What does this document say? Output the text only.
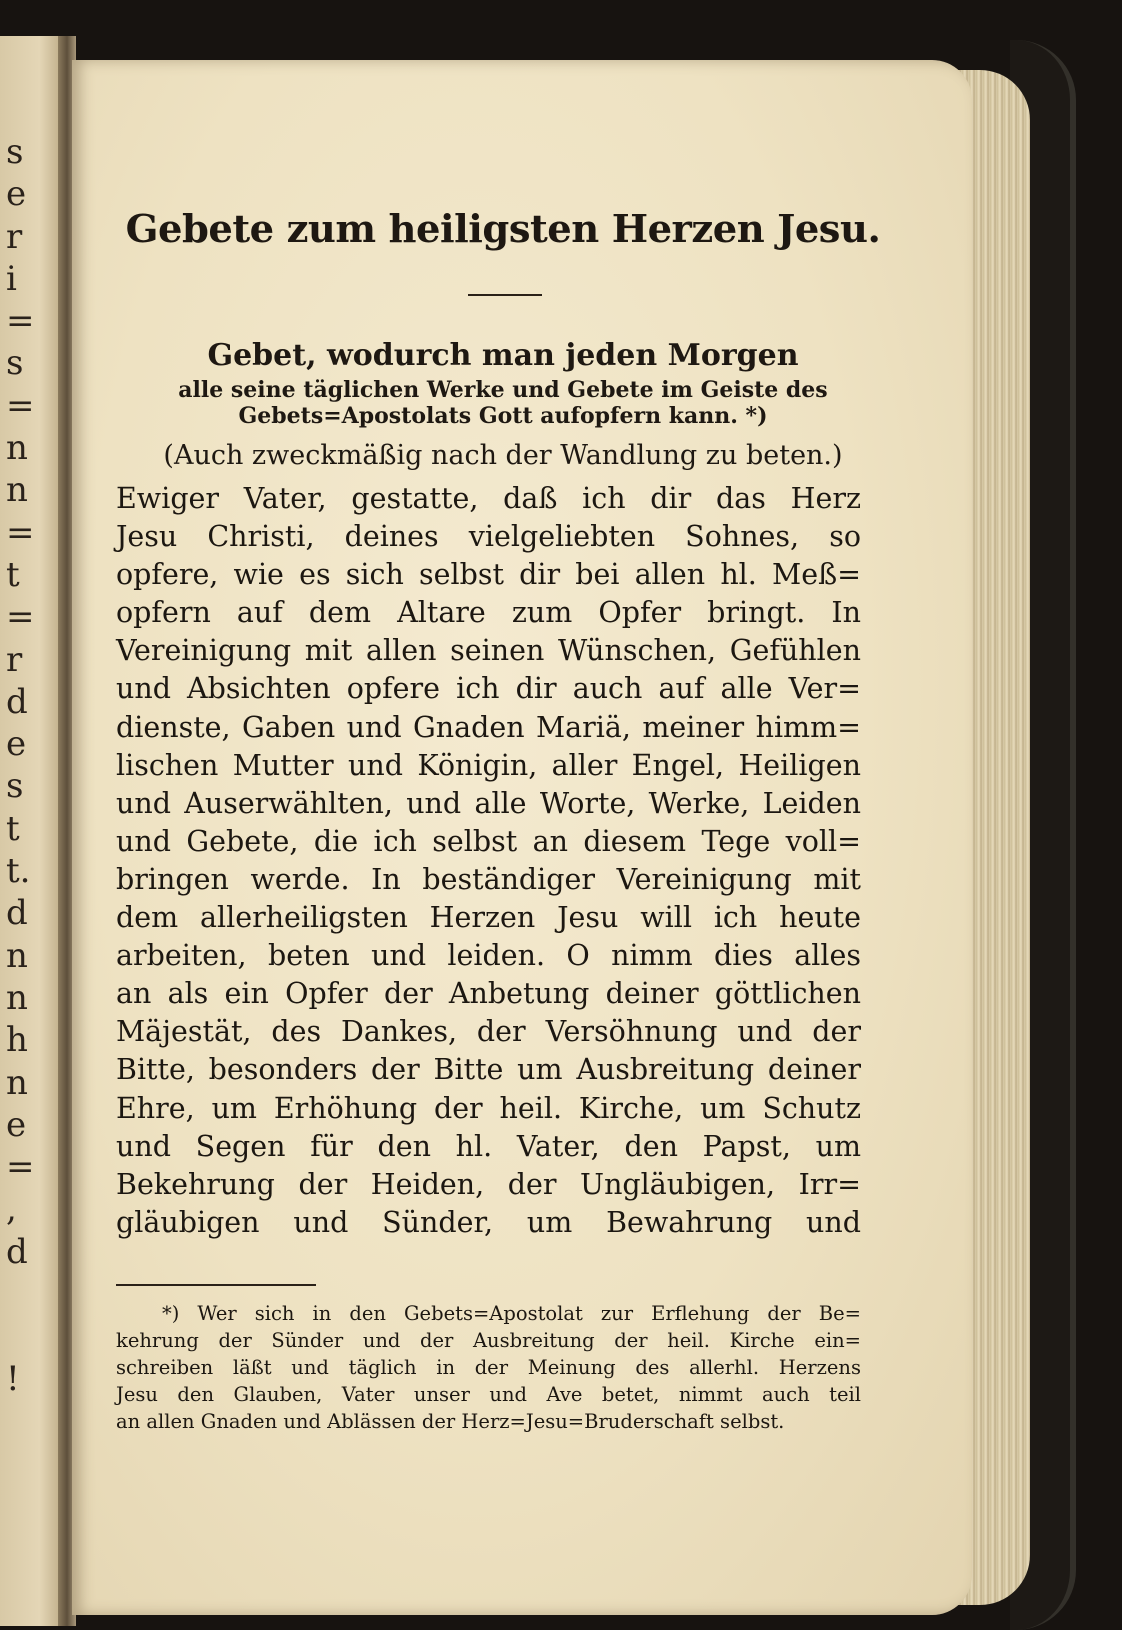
s
e
r
i
=
s
=
n
n
=
t
=
r
d
e
s
t
t.
d
n
n
h
n
e
=
,
d

!
Gebete zum heiligsten Herzen Jesu.
Gebet, wodurch man jeden Morgen
alle seine täglichen Werke und Gebete im Geiste des
Gebets=Apostolats Gott aufopfern kann. *)
(Auch zweckmäßig nach der Wandlung zu beten.)
Ewiger Vater, gestatte, daß ich dir das Herz
Jesu Christi, deines vielgeliebten Sohnes, so
opfere, wie es sich selbst dir bei allen hl. Meß=
opfern auf dem Altare zum Opfer bringt. In
Vereinigung mit allen seinen Wünschen, Gefühlen
und Absichten opfere ich dir auch auf alle Ver=
dienste, Gaben und Gnaden Mariä, meiner himm=
lischen Mutter und Königin, aller Engel, Heiligen
und Auserwählten, und alle Worte, Werke, Leiden
und Gebete, die ich selbst an diesem Tege voll=
bringen werde. In beständiger Vereinigung mit
dem allerheiligsten Herzen Jesu will ich heute
arbeiten, beten und leiden. O nimm dies alles
an als ein Opfer der Anbetung deiner göttlichen
Mäjestät, des Dankes, der Versöhnung und der
Bitte, besonders der Bitte um Ausbreitung deiner
Ehre, um Erhöhung der heil. Kirche, um Schutz
und Segen für den hl. Vater, den Papst, um
Bekehrung der Heiden, der Ungläubigen, Irr=
gläubigen und Sünder, um Bewahrung und
*) Wer sich in den Gebets=Apostolat zur Erflehung der Be=
kehrung der Sünder und der Ausbreitung der heil. Kirche ein=
schreiben läßt und täglich in der Meinung des allerhl. Herzens
Jesu den Glauben, Vater unser und Ave betet, nimmt auch teil
an allen Gnaden und Ablässen der Herz=Jesu=Bruderschaft selbst.
